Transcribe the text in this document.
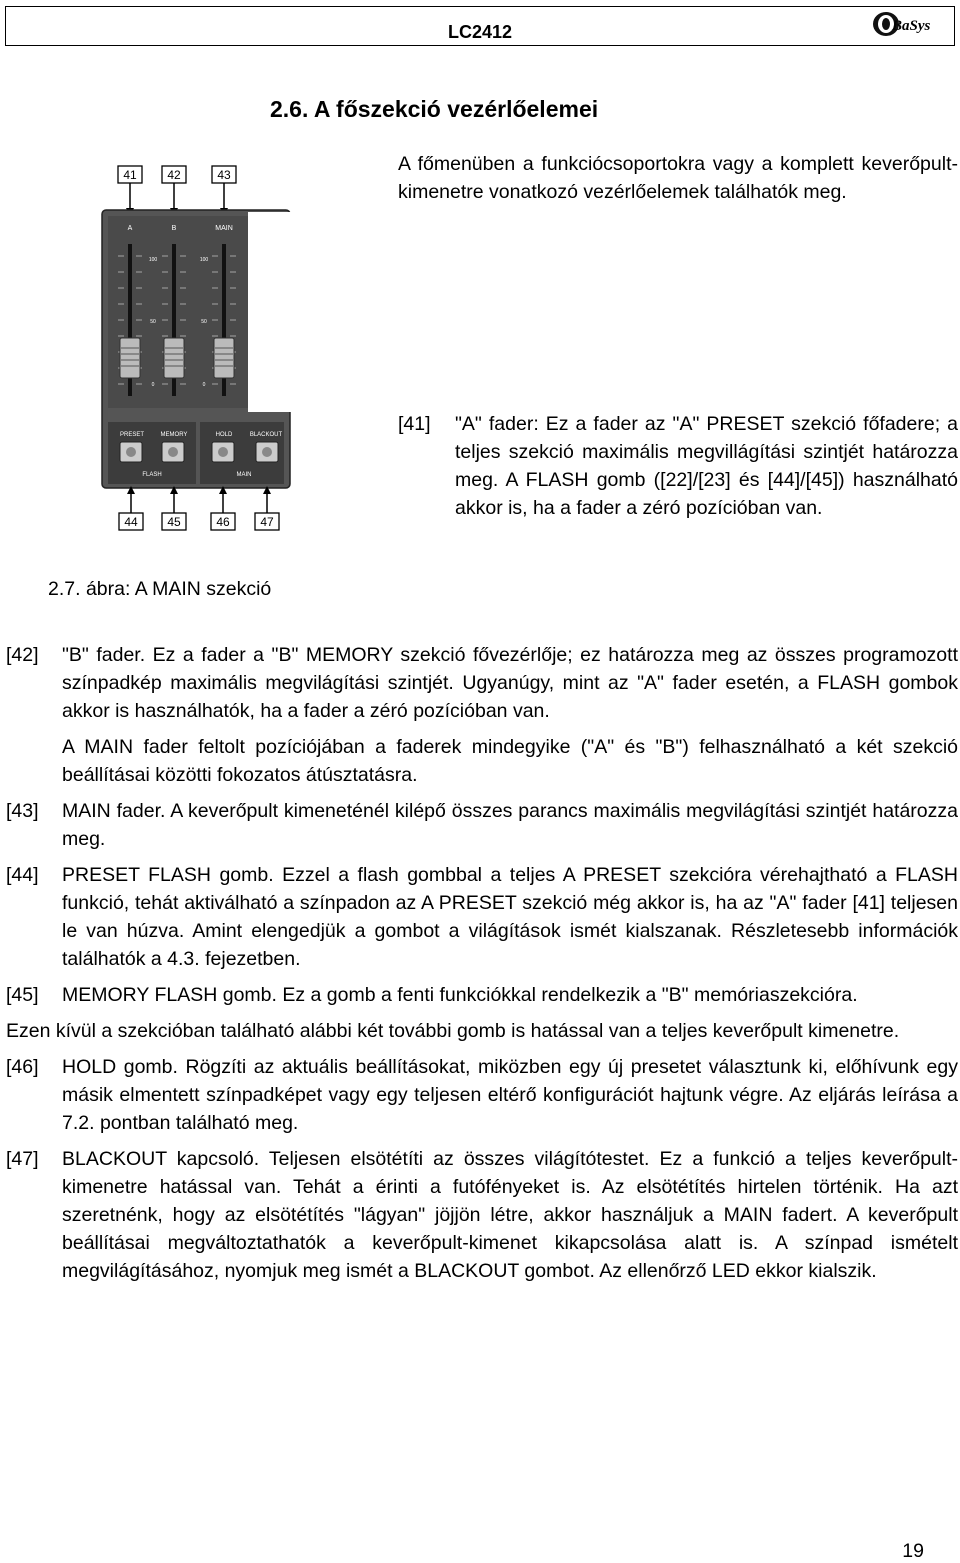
LC2412	BaSys
2.6. A főszekció vezérlőelemei
A főmenüben a funkciócsoportokra vagy a komplett keverőpult-kimenetre vonatkozó vezérlőelemek találhatók meg.
41	42	43
A	B	MAIN
100	100
50	50
0	0
PRESET	MEMORY	HOLD	BLACKOUT
FLASH	MAIN
44 45	46	47
2.7. ábra: A MAIN szekció
[41] "A" fader: Ez a fader az "A" PRESET szekció főfadere; a teljes szekció maximális megvillágítási szintjét határozza meg. A FLASH gomb ([22]/[23] és [44]/[45]) használható akkor is, ha a fader a zéró pozícióban van.
[42] "B" fader. Ez a fader a "B" MEMORY szekció fővezérlője; ez határozza meg az összes programozott színpadkép maximális megvilágítási szintjét. Ugyanúgy, mint az "A" fader esetén, a FLASH gombok akkor is használhatók, ha a fader a zéró pozícióban van.
A MAIN fader feltolt pozíciójában a faderek mindegyike ("A" és "B") felhasználható a két szekció beállításai közötti fokozatos átúsztatásra.
[43] MAIN fader. A keverőpult kimeneténél kilépő összes parancs maximális megvilágítási szintjét határozza meg.
[44] PRESET FLASH gomb. Ezzel a flash gombbal a teljes A PRESET szekcióra vérehajtható a FLASH funkció, tehát aktiválható a színpadon az A PRESET szekció még akkor is, ha az "A" fader [41] teljesen le van húzva. Amint elengedjük a gombot a világítások ismét kialszanak. Részletesebb információk találhatók a 4.3. fejezetben.
[45] MEMORY FLASH gomb. Ez a gomb a fenti funkciókkal rendelkezik a "B" memóriaszekcióra.
Ezen kívül a szekcióban található alábbi két további gomb is hatással van a teljes keverőpult kimenetre.
[46] HOLD gomb. Rögzíti az aktuális beállításokat, miközben egy új presetet választunk ki, előhívunk egy másik elmentett színpadképet vagy egy teljesen eltérő konfigurációt hajtunk végre. Az eljárás leírása a 7.2. pontban található meg.
[47] BLACKOUT kapcsoló. Teljesen elsötétíti az összes világítótestet. Ez a funkció a teljes keverőpult-kimenetre hatással van. Tehát a érinti a futófényeket is. Az elsötétítés hirtelen történik. Ha azt szeretnénk, hogy az elsötétítés "lágyan" jöjjön létre, akkor használjuk a MAIN fadert. A keverőpult beállításai megváltoztathatók a keverőpult-kimenet kikapcsolása alatt is. A színpad ismételt megvilágításához, nyomjuk meg ismét a BLACKOUT gombot. Az ellenőrző LED ekkor kialszik.
19
